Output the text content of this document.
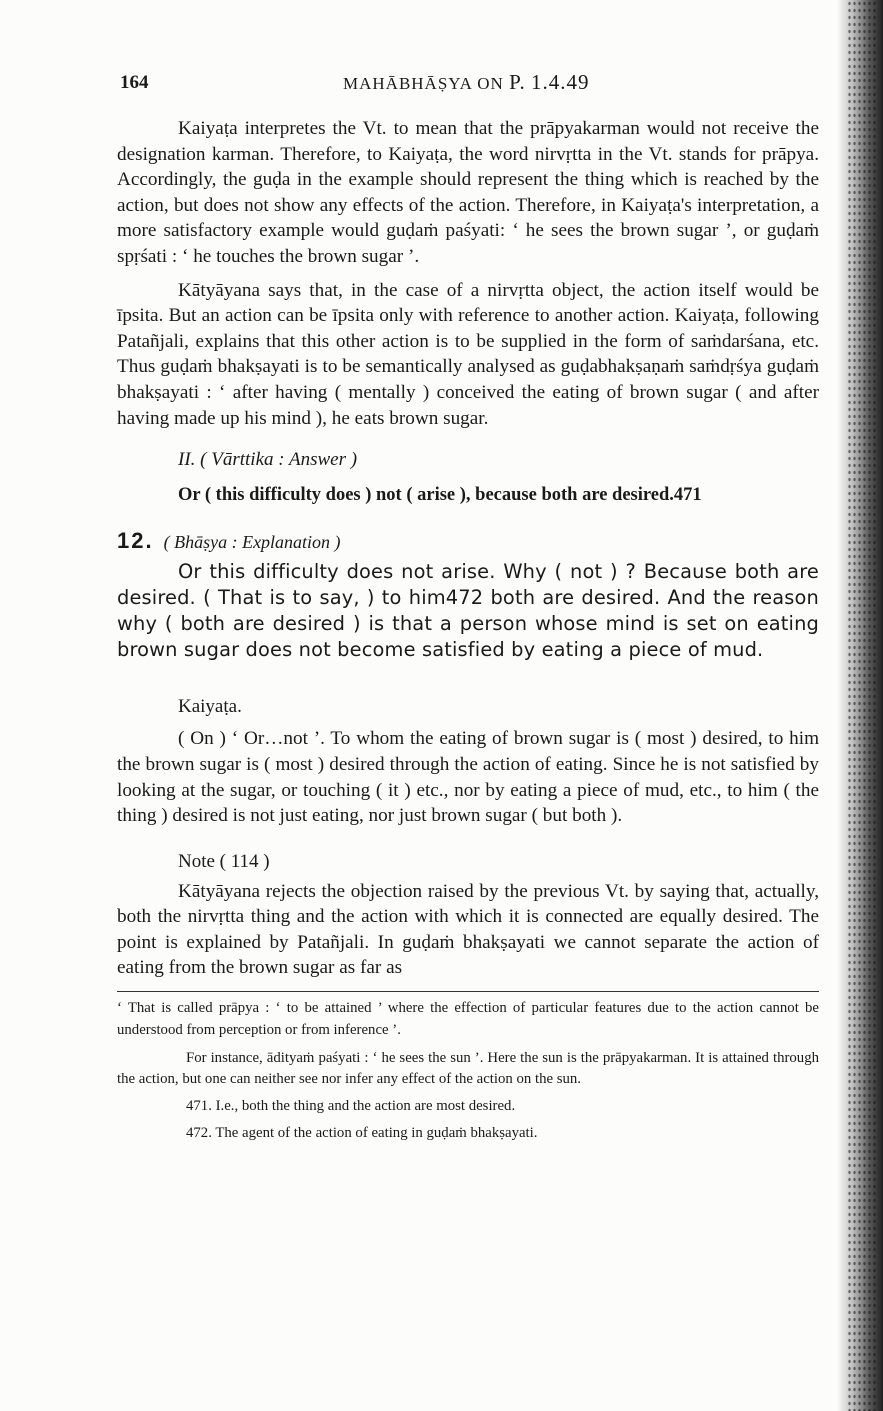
164	MAHĀBHĀṢYA ON P. 1.4.49

Kaiyaṭa interpretes the Vt. to mean that the prāpyakarman would not receive the designation karman. Therefore, to Kaiyaṭa, the word nirvṛtta in the Vt. stands for prāpya. Accordingly, the guḍa in the example should represent the thing which is reached by the action, but does not show any effects of the action. Therefore, in Kaiyaṭa's interpretation, a more satisfactory example would guḍaṁ paśyati: ‘ he sees the brown sugar ’, or guḍaṁ spṛśati : ‘ he touches the brown sugar ’.

Kātyāyana says that, in the case of a nirvṛtta object, the action itself would be īpsita. But an action can be īpsita only with reference to another action. Kaiyaṭa, following Patañjali, explains that this other action is to be supplied in the form of saṁdarśana, etc. Thus guḍaṁ bhakṣayati is to be semantically analysed as guḍabhakṣaṇaṁ saṁdṛśya guḍaṁ bhakṣayati : ‘ after having ( mentally ) conceived the eating of brown sugar ( and after having made up his mind ), he eats brown sugar.

II. ( Vārttika : Answer )

Or ( this difficulty does ) not ( arise ), because both are desired.471

12. ( Bhāṣya : Explanation )

Or this difficulty does not arise. Why ( not ) ? Because both are desired. ( That is to say, ) to him472 both are desired. And the reason why ( both are desired ) is that a person whose mind is set on eating brown sugar does not become satisfied by eating a piece of mud.

Kaiyaṭa.

( On ) ‘ Or…not ’. To whom the eating of brown sugar is ( most ) desired, to him the brown sugar is ( most ) desired through the action of eating. Since he is not satisfied by looking at the sugar, or touching ( it ) etc., nor by eating a piece of mud, etc., to him ( the thing ) desired is not just eating, nor just brown sugar ( but both ).

Note ( 114 )

Kātyāyana rejects the objection raised by the previous Vt. by saying that, actually, both the nirvṛtta thing and the action with which it is connected are equally desired. The point is explained by Patañjali. In guḍaṁ bhakṣayati we cannot separate the action of eating from the brown sugar as far as

‘ That is called prāpya : ‘ to be attained ’ where the effection of particular features due to the action cannot be understood from perception or from inference ’.

For instance, ādityaṁ paśyati : ‘ he sees the sun ’. Here the sun is the prāpyakarman. It is attained through the action, but one can neither see nor infer any effect of the action on the sun.

471. I.e., both the thing and the action are most desired.

472. The agent of the action of eating in guḍaṁ bhakṣayati.
